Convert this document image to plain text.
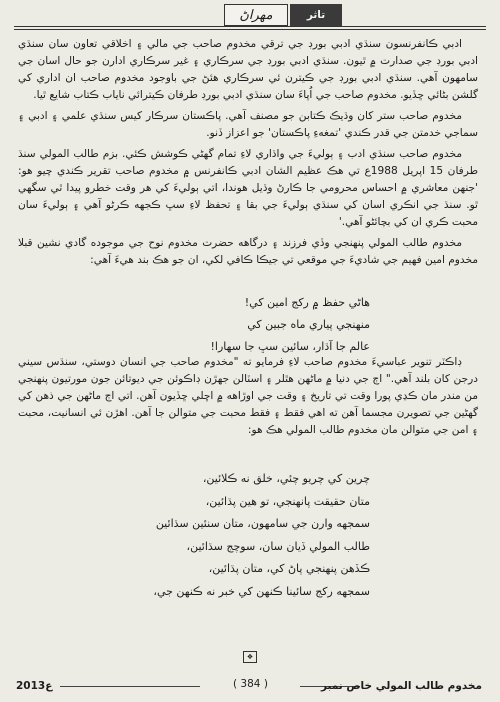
مهراڻ	تاثر

ادبي ڪانفرنسون سنڌي ادبي بورڊ جي ترقي مخدوم صاحب جي مالي ۽ اخلاقي تعاون سان سنڌي ادبي بورڊ جي صدارت ۾ ٿيون. سنڌي ادبي بورڊ جي سرڪاري ۽ غير سرڪاري ادارن جو حال اسان جي سامهون آهي. سنڌي ادبي بورڊ جي ڪيترن ئي سرڪاري هئڻ جي باوجود مخدوم صاحب ان اداري کي گلشن بڻائي ڇڏيو. مخدوم صاحب جي اُپاءَ سان سنڌي ادبي بورڊ طرفان ڪيترائي ناياب ڪتاب شايع ٿيا.

مخدوم صاحب ستر کان وڌيڪ ڪتابن جو مصنف آهي. پاڪستان سرڪار کيس سنڌي علمي ۽ ادبي ۽ سماجي خدمتن جي قدر ڪندي 'تمغهءِ پاڪستان' جو اعزاز ڏنو.

مخدوم صاحب سنڌي ادب ۽ ٻوليءَ جي واڌاري لاءِ تمام گهڻي ڪوشش ڪئي. بزم طالب المولي سنڌ طرفان 15 اپريل 1988ع تي هڪ عظيم الشان ادبي ڪانفرنس ۾ مخدوم صاحب تقرير ڪندي چيو هو: 'جنهن معاشري ۾ احساس محرومي جا ڪارڻ وڌيل هوندا، اتي ٻوليءَ کي هر وقت خطرو پيدا ٿي سگهي ٿو. سنڌ جي انڪري اسان کي سنڌي ٻوليءَ جي بقا ۽ تحفظ لاءِ سڀ ڪجهه ڪرڻو آهي ۽ ٻوليءَ سان محبت ڪري ان کي بچائڻو آهي.'

مخدوم طالب المولي پنهنجي وڏي فرزند ۽ درگاهه حضرت مخدوم نوح جي موجوده گادي نشين قبلا مخدوم امين فهيم جي شاديءَ جي موقعي تي جيڪا ڪافي لکي، ان جو هڪ بند هيءَ آهي:

هاڻي حفظ ۾ رکج امين کي!
منهنجي پياري ماه جبين کي
عالم جا آڌار، سائين سڀ جا سهارا!

ڊاڪٽر تنوير عباسيءَ مخدوم صاحب لاءِ فرمايو ته "مخدوم صاحب جي انسان دوستي، سنڌس سيني درجن کان بلند آهي." اڄ جي دنيا ۾ ماڻهن هٿلر ۽ اسٽالن جهڙن ڊاڪوئن جي ديوتائن جون مورتيون پنهنجي من مندر مان ڪڍي پورا وقت تي تاريخ ۽ وقت جي اوڙاهه ۾ اڇلي ڇڏيون آهن. اتي اڄ ماڻهن جي ذهن کي گهڻين جي تصويرن مجسما آهن ته اهي فقط ۽ فقط محبت جي متوالن جا آهن. اهڙن ئي انسانيت، محبت ۽ امن جي متوالن مان مخدوم طالب المولي هڪ هو:

چرين کي چريو چئي، خلق نه ڪلائين،
متان حقيقت پانهنجي، تو هين پڌائين،
سمجهه وارن جي سامهون، متان سنئين سڌائين
طالب المولي ڏيان سان، سوچج سڌائين،
ڪڏهن پنهنجي پاڻ کي، متان پڌائين،
سمجهه رکج سائينا ڪنهن کي خبر نه ڪنهن جي،
❖
2013ع	( 384 )	مخدوم طالب المولي خاص نمبر
